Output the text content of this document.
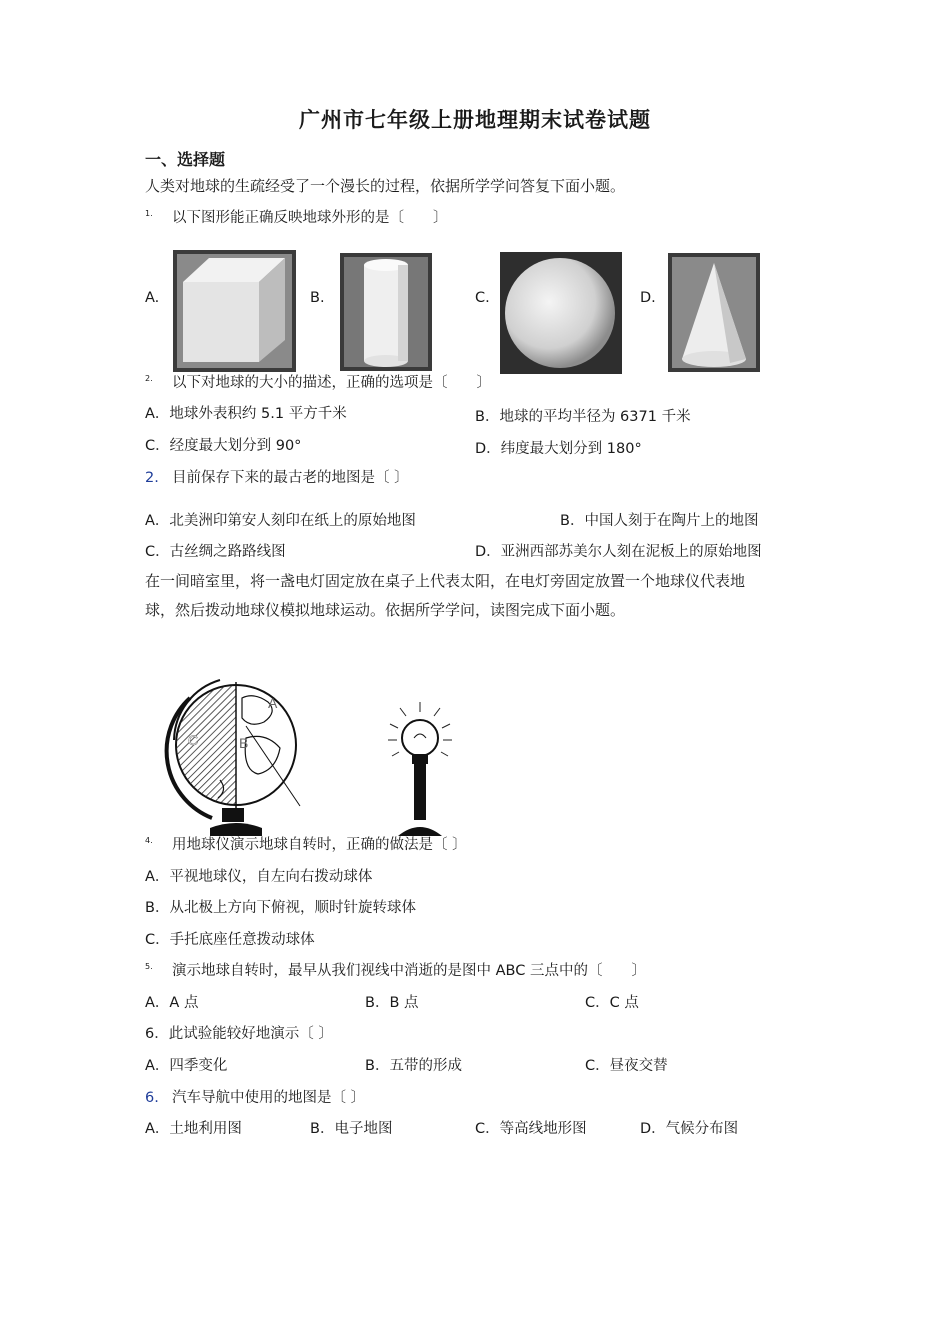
广州市七年级上册地理期末试卷试题
一、选择题
人类对地球的生疏经受了一个漫长的过程，依据所学学问答复下面小题。
1. 以下图形能正确反映地球外形的是〔　　〕
A.	B.	C.	D.
2. 以下对地球的大小的描述，正确的选项是〔　　〕
A．地球外表积约 5.1 平方千米	B．地球的平均半径为 6371 千米
C．经度最大划分到 90°	D．纬度最大划分到 180°
2. 目前保存下来的最古老的地图是〔 〕
A．北美洲印第安人刻印在纸上的原始地图	B．中国人刻于在陶片上的地图
C．古丝绸之路路线图	D．亚洲西部苏美尔人刻在泥板上的原始地图
在一间暗室里，将一盏电灯固定放在桌子上代表太阳，在电灯旁固定放置一个地球仪代表地
球，然后拨动地球仪模拟地球运动。依据所学学问，读图完成下面小题。
A
B
C
4. 用地球仪演示地球自转时，正确的做法是〔 〕
A．平视地球仪，自左向右拨动球体
B．从北极上方向下俯视，顺时针旋转球体
C．手托底座任意拨动球体
5. 演示地球自转时，最早从我们视线中消逝的是图中 ABC 三点中的〔　　〕
A．A 点	B．B 点	C．C 点
6．此试验能较好地演示〔 〕
A．四季变化	B．五带的形成	C．昼夜交替
6. 汽车导航中使用的地图是〔 〕
A．土地利用图	B．电子地图	C．等高线地形图	D．气候分布图
